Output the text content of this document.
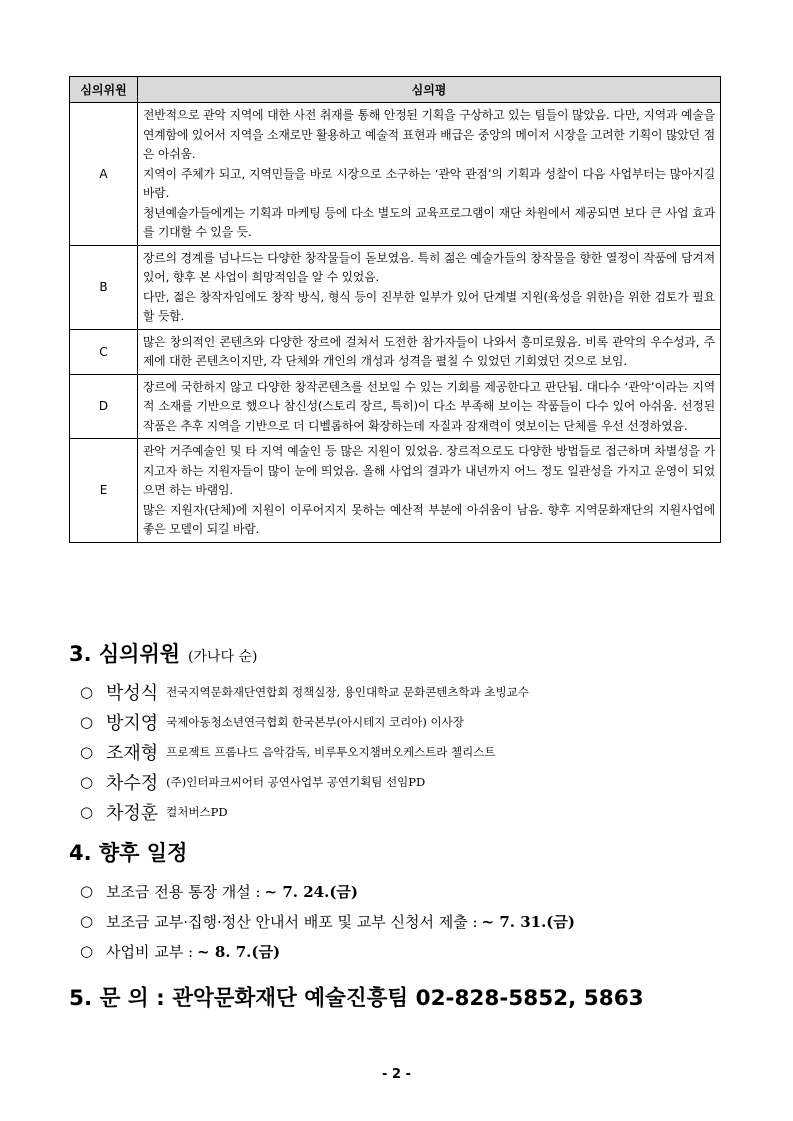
심의위원	심의평
A	전반적으로 관악 지역에 대한 사전 취재를 통해 안정된 기획을 구상하고 있는 팀들이 많았음. 다만, 지역과 예술을 연계함에 있어서 지역을 소재로만 활용하고 예술적 표현과 배급은 중앙의 메이저 시장을 고려한 기획이 많았던 점은 아쉬움.
지역이 주체가 되고, 지역민들을 바로 시장으로 소구하는 ‘관악 관점’의 기획과 성찰이 다음 사업부터는 많아지길 바람.
청년예술가들에게는 기획과 마케팅 등에 다소 별도의 교육프로그램이 재단 차원에서 제공되면 보다 큰 사업 효과를 기대할 수 있을 듯.

B	장르의 경계를 넘나드는 다양한 창작물들이 돋보였음. 특히 젊은 예술가들의 창작물을 향한 열정이 작품에 담겨져 있어, 향후 본 사업이 희망적임을 알 수 있었음.
다만, 젊은 창작자임에도 창작 방식, 형식 등이 진부한 일부가 있어 단계별 지원(육성을 위한)을 위한 검토가 필요할 듯함.

C	많은 창의적인 콘텐츠와 다양한 장르에 걸쳐서 도전한 참가자들이 나와서 흥미로웠음. 비록 관악의 우수성과, 주제에 대한 콘텐츠이지만, 각 단체와 개인의 개성과 성격을 펼칠 수 있었던 기회였던 것으로 보임.

D	장르에 국한하지 않고 다양한 창작콘텐츠를 선보일 수 있는 기회를 제공한다고 판단됨. 대다수 ‘관악’이라는 지역적 소재를 기반으로 했으나 참신성(스토리 장르, 특히)이 다소 부족해 보이는 작품들이 다수 있어 아쉬움. 선정된 작품은 추후 지역을 기반으로 더 디벨롭하여 확장하는데 자질과 잠재력이 엿보이는 단체를 우선 선정하였음.

E	관악 거주예술인 및 타 지역 예술인 등 많은 지원이 있었음. 장르적으로도 다양한 방법들로 접근하며 차별성을 가지고자 하는 지원자들이 많이 눈에 띄었음. 올해 사업의 결과가 내년까지 어느 정도 일관성을 가지고 운영이 되었으면 하는 바램임.
많은 지원자(단체)에 지원이 이루어지지 못하는 예산적 부분에 아쉬움이 남음. 향후 지역문화재단의 지원사업에 좋은 모델이 되길 바람.
3. 심의위원 (가나다 순)
○ 박성식 전국지역문화재단연합회 정책실장, 용인대학교 문화콘텐츠학과 초빙교수
○ 방지영 국제아동청소년연극협회 한국본부(아시테지 코리아) 이사장
○ 조재형 프로젝트 프롬나드 음악감독, 비루투오지챔버오케스트라 첼리스트
○ 차수정 (주)인터파크씨어터 공연사업부 공연기획팀 선임PD
○ 차정훈 컬처버스PD
4. 향후 일정
○ 보조금 전용 통장 개설 : ~ 7. 24.(금)
○ 보조금 교부·집행·정산 안내서 배포 및 교부 신청서 제출 : ~ 7. 31.(금)
○ 사업비 교부 : ~ 8. 7.(금)
5. 문 의 : 관악문화재단 예술진흥팀 02-828-5852, 5863
- 2 -
